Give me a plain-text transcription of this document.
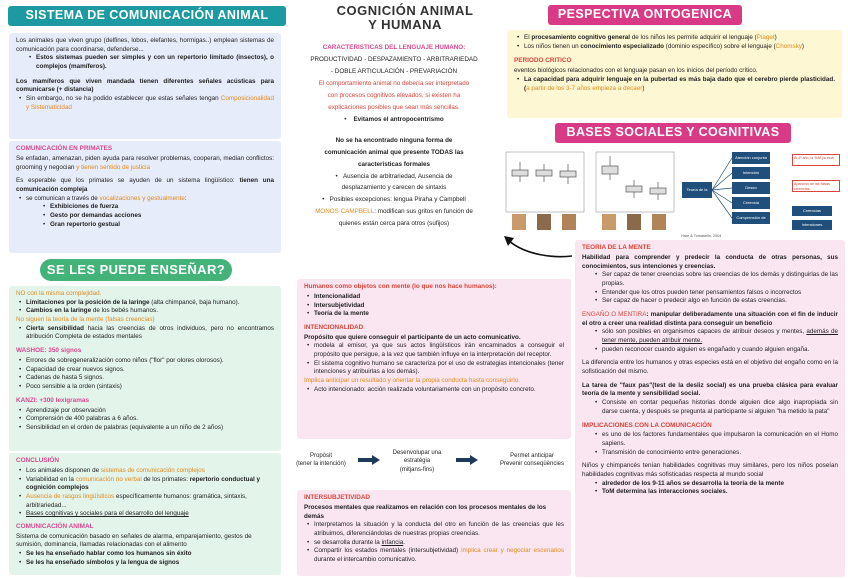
SISTEMA DE COMUNICACIÓN ANIMAL	COGNICIÓN ANIMAL
Y HUMANA
PESPECTIVA ONTOGENICA
BASES SOCIALES Y COGNITIVAS
SE LES PUEDE ENSEÑAR?

Los animales que viven grupo (delfines, lobos, elefantes, hormigas..) emplean sistemas de comunicación para coordinarse, defenderse...

• Estos sistemas pueden ser simples y con un repertorio limitado (insectos), o complejos (mamíferos).

Los mamíferos que viven mandada tienen diferentes señales acústicas para comunicarse (+ distancia)

• Sin embargo, no se ha podido establecer que estas señales tengan Composicionalidad y Sistematicidad

COMUNICACIÓN EN PRIMATES

Se enfadan, amenazan, piden ayuda para resolver problemas, cooperan, median conflictos: grooming y negocian y tienen sentido de justicia

Es esperable que los primates se ayuden de un sistema lingüístico: tienen una comunicación compleja

• se comunican a través de vocalizaciones y gestualmente:
• Exhibiciones de fuerza
• Gesto por demandas acciones
• Gran repertorio gestual

NO con la misma complejidad.

• Limitaciones por la posición de la laringe (alta chimpancé, baja humano).
• Cambios en la laringe de los bebés humanos.

No siguen la teoría de la mente (falsas creencias)

• Cierta sensibilidad hacia las creencias de otros individuos, pero no encontramos atribución Completa de estados mentales

WASHOE: 350 signos

• Errores de sobregeneralización como niños ("flor" por olores olorosos).
• Capacidad de crear nuevos signos.
• Cadenas de hasta 5 signos.
• Poco sensible a la orden (sintaxis)

KANZI: +300 lexigramas

• Aprendizaje por observación
• Comprensión de 400 palabras a 6 años.
• Sensibilidad en el orden de palabras (equivalente a un niño de 2 años)

CONCLUSIÓN

• Los animales disponen de sistemas de comunicación complejos
• Variabilidad en la comunicación no verbal de los primates: repertorio conductual y cognición complejos
• Ausencia de rasgos lingüísticos específicamente humanos: gramática, sintaxis, arbitrariedad...
• Bases cognitivas y sociales para el desarrollo del lenguaje

COMUNICACIÓN ANIMAL

Sistema de comunicación basado en señales de alarma, emparejamiento, gestos de sumisión, dominancia, llamadas relacionadas con el alimento

• Se les ha enseñado hablar como los humanos sin éxito
• Se les ha enseñado símbolos y la lengua de signos

CARACTERISTICAS DEL LENGUAJE HUMANO:

PRODUCTIVIDAD - DESPAZAMIENTO - ARBITRARIEDAD

- DOBLE ARTICULACIÓN - PREVARIACIÓN

El comportamiento animal no debería ser interpretado

con procesos cognitivos elevados, si existen ha

explicaciones posibles que sean más sencillas.

•    Evitamos el antropocentrismo

No se ha encontrado ninguna forma de

comunicación animal que presente TODAS las

caracteristicas formales

•   Ausencia de arbitrariedad, Ausencia de

desplazamiento y carecen de sintaxis

•   Posibles excepciones: lengua Piraha y Campbell

MONOS CAMPBELL: modifican sus gritos en función de

quienes están cerca para otros (sufijos)

Humanos como objetos con mente (lo que nos hace humanos):

• Intencionalidad
• Intersubjetividad
• Teoría de la mente

INTENCIONALIDAD

Propósito que quiere conseguir el participante de un acto comunicativo.

• modela al emisor, ya que sus actos lingüísticos irán encaminados a conseguir el propósito que persigue, a la vez que también influye en la interpretación del receptor.
• El sistema cognitivo humano se caracteriza por el uso de estrategias intencionales (tener intenciones y atribuirlas a los demás).

Implica anticipar un resultado y orientar la propia conducta hasta conseguirlo.

• Acto intencionado: acción realizada voluntariamente con un propósito concreto.
Propósit
(tener la intención)
Desenvolupar una
estratègia
(mitjans-fins)
Permet anticipar
Prevenir conseqüències

INTERSUBJETIVIDAD

Procesos mentales que realizamos en relación con los procesos mentales de los demás

• Interpretamos la situación y la conducta del otro en función de las creencias que les atribuimos, diferenciándolas de nuestras propias creencias.
• se desarrolla durante la infancia.
• Compartir los estados mentales (intersubjetividad) implica crear y negociar escenarios durante el intercambio comunicativo.
• El procesamiento cognitivo general de los niños les permite adquirir el lenguaje (Piaget)
• Los niños tienen un conocimiento especializado (dominio específico) sobre el lenguaje (Chomsky)

PERIODO CRITICO

eventos biológicos relacionados con el lenguaje pasan en los inicios del período crítico.

• La capacidad para adquirir lenguaje en la pubertad es más baja dado que el cerebro pierde plasticidad. (a partir de los 3-7 años empieza a decaer)
Teoría de la Mente
Atención conjunta
Intención
Deseo
Creencia
Comprensión de estados
Al 4º año, la ToM ya está
Aparición de las falsas creencias
Creencias
Intenciones
Hare & Tomasello, 2004

TEORIA DE LA MENTE

Habilidad para comprender y predecir la conducta de otras personas, sus conocimientos, sus intenciones y creencias.

• Ser capaz de tener creencias sobre las creencias de los demás y distinguirlas de las propias.
• Entender que los otros pueden tener pensamientos falsos o incorrectos
• Ser capaz de hacer o predecir algo en función de estas creencias.

ENGAÑO O MENTIRA: manipular deliberadamente una situación con el fin de inducir el otro a creer una realidad distinta para conseguir un beneficio

• sólo son posibles en organismos capaces de atribuir deseos y mentes, además de tener mente, pueden atribuir mente.
• pueden reconocer cuando alguien es engañado y cuando alguien engaña.

La diferencia entre los humanos y otras especies está en el objetivo del engaño como en la sofisticación del mismo.

La tarea de "faux pas"(test de la desliz social) es una prueba clásica para evaluar teoría de la mente y sensibilidad social.

• Consiste en contar pequeñas historias donde alguien dice algo inapropiada sin darse cuenta, y después se pregunta al participante si alguien "ha metido la pata"

IMPLICACIONES CON LA COMUNICACIÓN

• es uno de los factores fundamentales que impulsaron la comunicación en el Homo sapiens.
• Transmisión de conocimiento entre generaciones.

Niños y chimpancés tenían habilidades cognitivas muy similares, pero los niños poseían habilidades cognitivas más sofisticadas respecta al mundo social

• alrededor de los 9-11 años se desarrolla la teoría de la mente
• ToM determina las interacciones sociales.
